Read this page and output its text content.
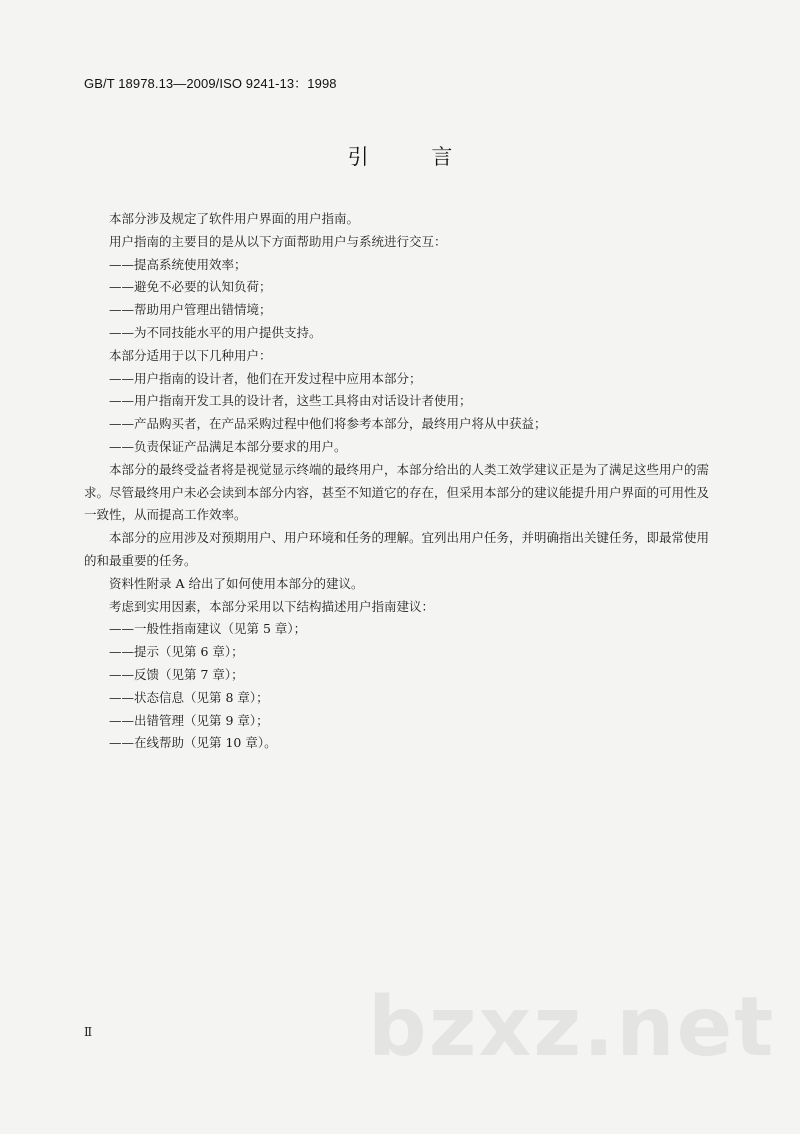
GB/T 18978.13—2009/ISO 9241-13：1998
引 言
本部分涉及规定了软件用户界面的用户指南。
用户指南的主要目的是从以下方面帮助用户与系统进行交互：
——提高系统使用效率；
——避免不必要的认知负荷；
——帮助用户管理出错情境；
——为不同技能水平的用户提供支持。
本部分适用于以下几种用户：
——用户指南的设计者，他们在开发过程中应用本部分；
——用户指南开发工具的设计者，这些工具将由对话设计者使用；
——产品购买者，在产品采购过程中他们将参考本部分，最终用户将从中获益；
——负责保证产品满足本部分要求的用户。
本部分的最终受益者将是视觉显示终端的最终用户，本部分给出的人类工效学建议正是为了满足这些用户的需求。尽管最终用户未必会读到本部分内容，甚至不知道它的存在，但采用本部分的建议能提升用户界面的可用性及一致性，从而提高工作效率。
本部分的应用涉及对预期用户、用户环境和任务的理解。宜列出用户任务，并明确指出关键任务，即最常使用的和最重要的任务。
资料性附录 A 给出了如何使用本部分的建议。
考虑到实用因素，本部分采用以下结构描述用户指南建议：
——一般性指南建议（见第 5 章）；
——提示（见第 6 章）；
——反馈（见第 7 章）；
——状态信息（见第 8 章）；
——出错管理（见第 9 章）；
——在线帮助（见第 10 章）。
Ⅱ	bzxz.net
